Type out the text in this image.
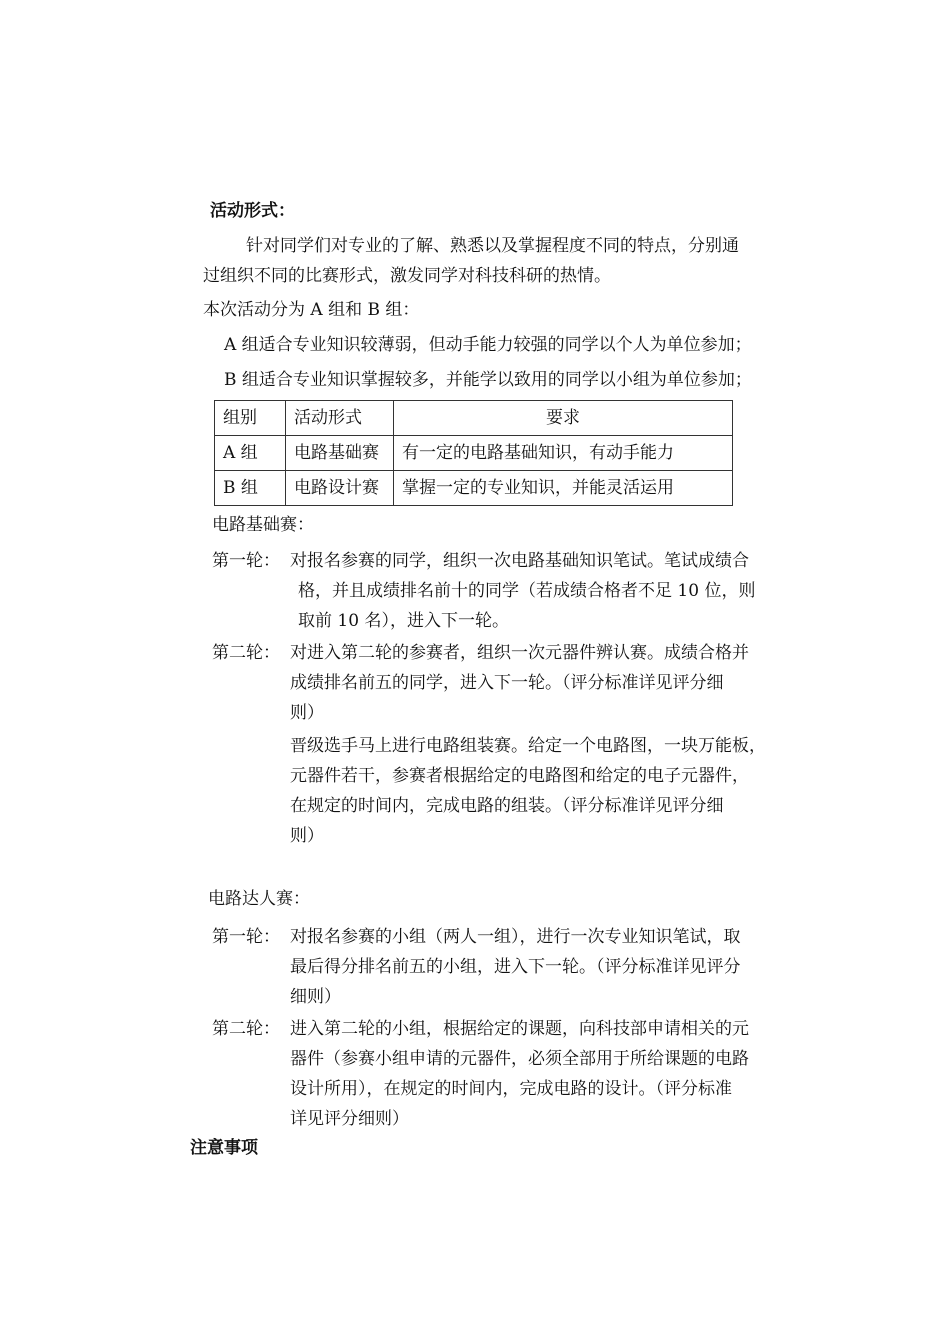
活动形式：
针对同学们对专业的了解、熟悉以及掌握程度不同的特点，分别通
过组织不同的比赛形式，激发同学对科技科研的热情。
本次活动分为 A 组和 B 组：
A 组适合专业知识较薄弱，但动手能力较强的同学以个人为单位参加；
B 组适合专业知识掌握较多，并能学以致用的同学以小组为单位参加；
组别	活动形式	要求
A 组	电路基础赛	有一定的电路基础知识，有动手能力
B 组	电路设计赛	掌握一定的专业知识，并能灵活运用
电路基础赛：
第一轮： 对报名参赛的同学，组织一次电路基础知识笔试。笔试成绩合
格，并且成绩排名前十的同学（若成绩合格者不足 10 位，则
取前 10 名），进入下一轮。
第二轮： 对进入第二轮的参赛者，组织一次元器件辨认赛。成绩合格并
成绩排名前五的同学，进入下一轮。（评分标准详见评分细
则）
晋级选手马上进行电路组装赛。给定一个电路图，一块万能板，
元器件若干，参赛者根据给定的电路图和给定的电子元器件，
在规定的时间内，完成电路的组装。（评分标准详见评分细
则）
电路达人赛：
第一轮： 对报名参赛的小组（两人一组），进行一次专业知识笔试，取
最后得分排名前五的小组，进入下一轮。（评分标准详见评分
细则）
第二轮： 进入第二轮的小组，根据给定的课题，向科技部申请相关的元
器件（参赛小组申请的元器件，必须全部用于所给课题的电路
设计所用），在规定的时间内，完成电路的设计。（评分标准
详见评分细则）
注意事项
